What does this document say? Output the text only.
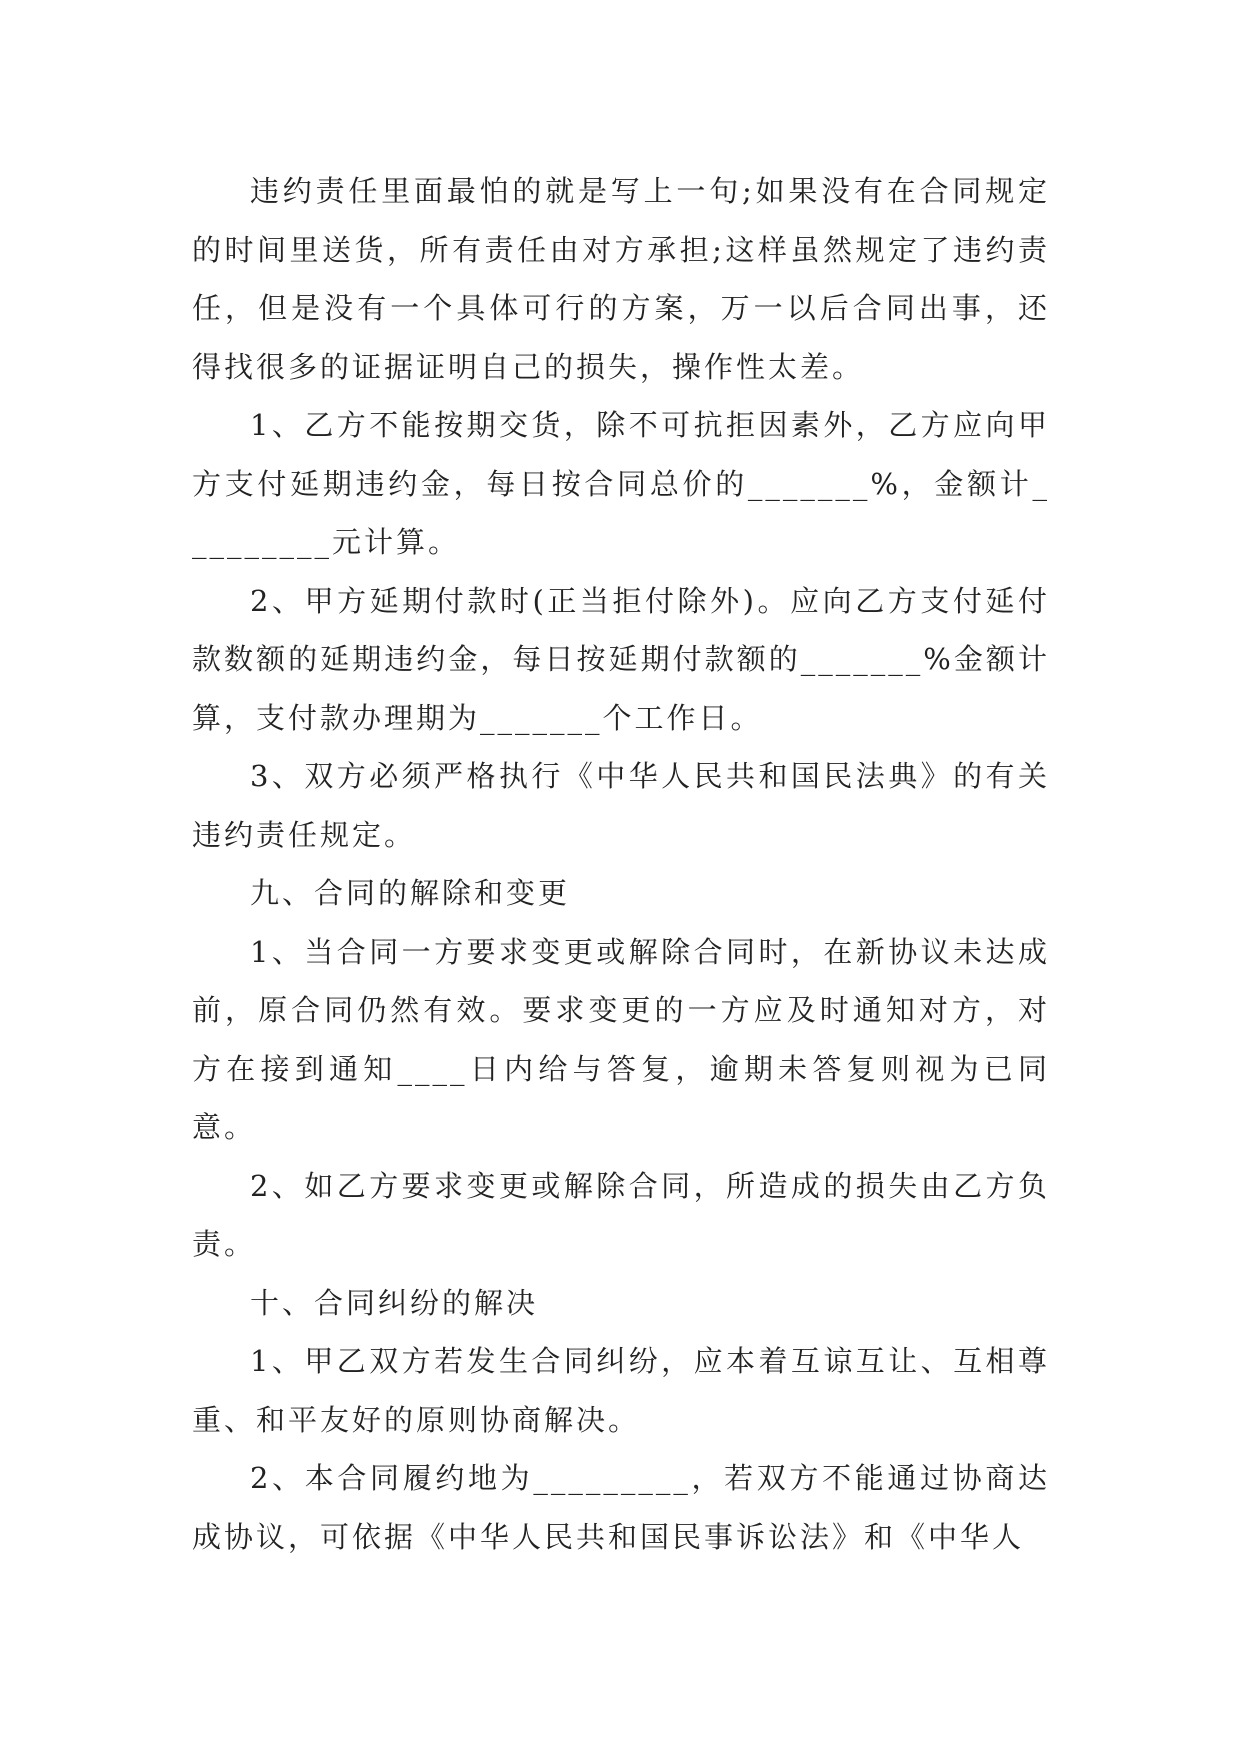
违约责任里面最怕的就是写上一句;如果没有在合同规定的时间里送货，所有责任由对方承担;这样虽然规定了违约责任，但是没有一个具体可行的方案，万一以后合同出事，还得找很多的证据证明自己的损失，操作性太差。

1、乙方不能按期交货，除不可抗拒因素外，乙方应向甲方支付延期违约金，每日按合同总价的_______%，金额计_________元计算。

2、甲方延期付款时(正当拒付除外)。应向乙方支付延付款数额的延期违约金，每日按延期付款额的_______%金额计算，支付款办理期为_______个工作日。

3、双方必须严格执行《中华人民共和国民法典》的有关违约责任规定。

九、合同的解除和变更

1、当合同一方要求变更或解除合同时，在新协议未达成前，原合同仍然有效。要求变更的一方应及时通知对方，对方在接到通知____日内给与答复，逾期未答复则视为已同意。

2、如乙方要求变更或解除合同，所造成的损失由乙方负责。

十、合同纠纷的解决

1、甲乙双方若发生合同纠纷，应本着互谅互让、互相尊重、和平友好的原则协商解决。

2、本合同履约地为_________，若双方不能通过协商达成协议，可依据《中华人民共和国民事诉讼法》和《中华人
